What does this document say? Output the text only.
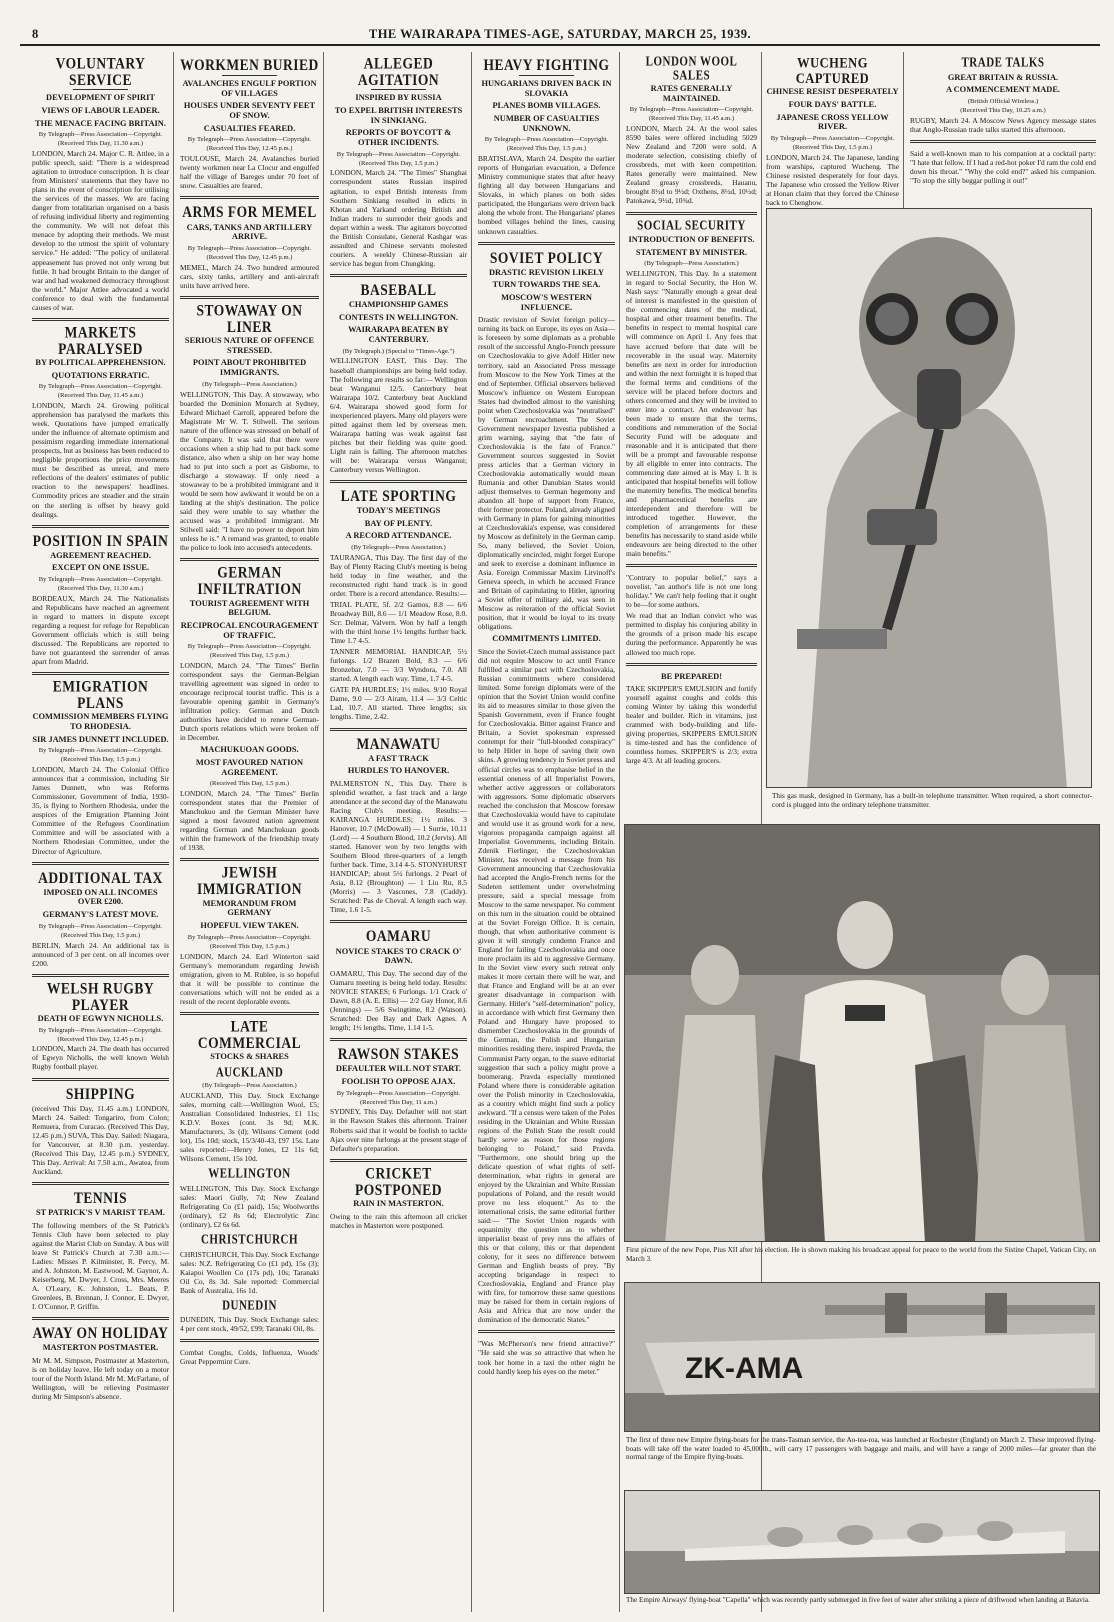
8	THE WAIRARAPA TIMES-AGE, SATURDAY, MARCH 25, 1939.
VOLUNTARY SERVICE
DEVELOPMENT OF SPIRIT
VIEWS OF LABOUR LEADER.
THE MENACE FACING BRITAIN.
By Telegraph—Press Association—Copyright.
(Received This Day, 11.30 a.m.)

LONDON, March 24. Major C. R. Attlee, in a public speech, said: "There is a widespread agitation to introduce conscription. It is clear from Ministers' statements that they have no plans in the event of conscription for utilising the services of the masses. We are facing danger from totalitarian organised on a basis of refusing individual liberty and regimenting the community. We will not defeat this menace by adopting their methods. We must develop to the utmost the spirit of voluntary service." He added: "The policy of unilateral appeasement has proved not only wrong but futile. It had brought Britain to the danger of war and had weakened democracy throughout the world." Major Attlee advocated a world conference to deal with the fundamental causes of war.

MARKETS PARALYSED
BY POLITICAL APPREHENSION.
QUOTATIONS ERRATIC.
By Telegraph—Press Association—Copyright.
(Received This Day, 11.45 a.m.)

LONDON, March 24. Growing political apprehension has paralysed the markets this week. Quotations have jumped erratically under the influence of alternate optimism and pessimism regarding immediate international prospects, but as business has been reduced to negligible proportions the price movements must be described as unreal, and mere reflections of the dealers' estimates of public reaction to the newspapers' headlines. Commodity prices are steadier and the strain on the sterling is offset by heavy gold dealings.

POSITION IN SPAIN
AGREEMENT REACHED.
EXCEPT ON ONE ISSUE.
By Telegraph—Press Association—Copyright.
(Received This Day, 11.30 a.m.)

BORDEAUX, March 24. The Nationalists and Republicans have reached an agreement in regard to matters in dispute except regarding a request for refuge for Republican Government officials which is still being discussed. The Republicans are reported to have not guaranteed the surrender of areas apart from Madrid.

EMIGRATION PLANS
COMMISSION MEMBERS FLYING TO RHODESIA.
SIR JAMES DUNNETT INCLUDED.
By Telegraph—Press Association—Copyright.
(Received This Day, 1.5 p.m.)

LONDON, March 24. The Colonial Office announces that a commission, including Sir James Dunnett, who was Reforms Commissioner, Government of India, 1930-35, is flying to Northern Rhodesia, under the auspices of the Emigration Planning Joint Committee of the Refugees Coordination Committee and will be associated with a Northern Rhodesian Committee, under the Director of Agriculture.

ADDITIONAL TAX
IMPOSED ON ALL INCOMES OVER £200.
GERMANY'S LATEST MOVE.
By Telegraph—Press Association—Copyright.
(Received This Day, 1.5 p.m.)

BERLIN, March 24. An additional tax is announced of 3 per cent. on all incomes over £200.

WELSH RUGBY PLAYER
DEATH OF EGWYN NICHOLLS.
By Telegraph—Press Association—Copyright.
(Received This Day, 12.45 p.m.)

LONDON, March 24. The death has occurred of Egwyn Nicholls, the well known Welsh Rugby football player.

SHIPPING

(received This Day, 11.45 a.m.) LONDON, March 24. Sailed: Tongariro, from Colon; Remuera, from Curacao. (Received This Day, 12.45 p.m.) SUVA, This Day. Sailed: Niagara, for Vancouver, at 8.30 p.m. yesterday. (Received This Day, 12.45 p.m.) SYDNEY, This Day. Arrival: At 7.50 a.m., Awatea, from Auckland.

TENNIS
ST PATRICK'S V MARIST TEAM.

The following members of the St Patrick's Tennis Club have been selected to play against the Marist Club on Sunday. A bus will leave St Patrick's Church at 7.30 a.m.:—Ladies: Misses P. Kilminster, R. Percy, M. and A. Johnston, M. Eastwood, M. Gaynor, A. Keiserberg, M. Dwyer, J. Cross, Mrs. Meeres A. O'Leary, K. Johnston, L. Beats, P. Greenlees, B. Brennan, J. Connor, E. Dwyer, I. O'Connor, P. Griffin.

AWAY ON HOLIDAY
MASTERTON POSTMASTER.

Mr M. M. Simpson, Postmaster at Masterton, is on holiday leave. He left today on a motor tour of the North Island. Mr M. McFarlane, of Wellington, will be relieving Postmaster during Mr Simpson's absence.

WORKMEN BURIED
AVALANCHES ENGULF PORTION OF VILLAGES
HOUSES UNDER SEVENTY FEET OF SNOW.
CASUALTIES FEARED.
By Telegraph—Press Association—Copyright.
(Received This Day, 12.45 p.m.)

TOULOUSE, March 24. Avalanches buried twenty workmen near La Clocur and engulfed half the village of Bareges under 70 feet of snow. Casualties are feared.

ARMS FOR MEMEL
CARS, TANKS AND ARTILLERY ARRIVE.
By Telegraph—Press Association—Copyright.
(Received This Day, 12.45 p.m.)

MEMEL, March 24. Two hundred armoured cars, sixty tanks, artillery and anti-aircraft units have arrived here.

STOWAWAY ON LINER
SERIOUS NATURE OF OFFENCE STRESSED.
POINT ABOUT PROHIBITED IMMIGRANTS.
(By Telegraph—Press Association.)

WELLINGTON, This Day. A stowaway, who boarded the Dominion Monarch at Sydney, Edward Michael Carroll, appeared before the Magistrate Mr W. T. Stilwell. The serious nature of the offence was stressed on behalf of the Company. It was said that there were occasions when a ship had to put back some distance, also when a ship on her way home had to put into such a port as Gisborne, to discharge a stowaway. If only need a stowaway to be a prohibited immigrant and it would be seen how awkward it would be on a landing at the ship's destination. The police said they were unable to say whether the accused was a prohibited immigrant. Mr Stilwell said: "I have no power to deport him unless he is." A remand was granted, to enable the police to look into accused's antecedents.

GERMAN INFILTRATION
TOURIST AGREEMENT WITH BELGIUM.
RECIPROCAL ENCOURAGEMENT OF TRAFFIC.
By Telegraph—Press Association—Copyright.
(Received This Day, 1.5 p.m.)

LONDON, March 24. "The Times" Berlin correspondent says the German-Belgian travelling agreement was signed in order to encourage reciprocal tourist traffic. This is a favourable opening gambit in Germany's infiltration policy. German and Dutch authorities have decided to renew German-Dutch sports relations which were broken off in December.

MACHUKUOAN GOODS.
MOST FAVOURED NATION AGREEMENT.
(Received This Day, 1.5 p.m.)

LONDON, March 24. "The Times" Berlin correspondent states that the Premier of Manchukuo and the German Minister have signed a most favoured nation agreement regarding German and Manchukuan goods within the framework of the friendship treaty of 1938.

JEWISH IMMIGRATION
MEMORANDUM FROM GERMANY
HOPEFUL VIEW TAKEN.
By Telegraph—Press Association—Copyright.
(Received This Day, 1.5 p.m.)

LONDON, March 24. Earl Winterton said Germany's memorandum regarding Jewish emigration, given to M. Rublee, is so hopeful that it will be possible to continue the conversations which will not be ended as a result of the recent deplorable events.

LATE COMMERCIAL
STOCKS & SHARES
AUCKLAND
(By Telegraph—Press Association.)

AUCKLAND, This Day. Stock Exchange sales, morning call:—Wellington Wool, £5; Australian Consolidated Industries, £1 11s; K.D.V. Boxes (cont. 3s 9d; M.K. Manufacturers, 3s (d); Wilsons Cement (odd lot), 15s 10d; stock, 15/3/40-43, £97 15s. Late sales reported:—Henry Jones, £2 11s 6d; Wilsons Cement, 15s 10d.

WELLINGTON

WELLINGTON, This Day. Stock Exchange sales: Maori Gully, 7d; New Zealand Refrigerating Co (£1 paid), 15s; Woolworths (ordinary), £2 8s 6d; Electrolytic Zinc (ordinary), £2 6s 6d.

CHRISTCHURCH

CHRISTCHURCH, This Day. Stock Exchange sales: N.Z. Refrigerating Co (£1 pd), 15s (3); Kaiapoi Woollen Co (17s pd), 10s; Taranaki Oil Co, 8s 3d. Sale reported: Commercial Bank of Australia, 16s 1d.

DUNEDIN

DUNEDIN, This Day. Stock Exchange sales: 4 per cent stock, 49/52, £99; Taranaki Oil, 8s.

Combat Coughs, Colds, Influenza, Woods' Great Peppermint Cure.

ALLEGED AGITATION
INSPIRED BY RUSSIA
TO EXPEL BRITISH INTERESTS IN SINKIANG.
REPORTS OF BOYCOTT & OTHER INCIDENTS.
By Telegraph—Press Association—Copyright.
(Received This Day, 1.5 p.m.)

LONDON, March 24. "The Times" Shanghai correspondent states Russian inspired agitation, to expel British interests from Southern Sinkiang resulted in edicts in Khotan and Yarkand ordering British and Indian traders to surrender their goods and depart within a week. The agitators boycotted the British Consulate, General Kashgar was assaulted and Chinese servants molested couriers. A weekly Chinese-Russian air service has begun from Chungking.

BASEBALL
CHAMPIONSHIP GAMES
CONTESTS IN WELLINGTON.
WAIRARAPA BEATEN BY CANTERBURY.
(By Telegraph.) (Special to "Times-Age.")

WELLINGTON EAST, This Day. The baseball championships are being held today. The following are results so far:— Wellington beat Wanganui 12/5. Canterbury beat Wairarapa 10/2. Canterbury beat Auckland 6/4. Wairarapa showed good form for inexperienced players. Many old players were pitted against them led by overseas men. Wairarapa batting was weak against fast pitches but their fielding was quite good. Light rain is falling. The afternoon matches will be: Wairarapa versus Wanganui; Canterbury versus Wellington.

LATE SPORTING
TODAY'S MEETINGS
BAY OF PLENTY.
A RECORD ATTENDANCE.
(By Telegraph—Press Association.)

TAURANGA, This Day. The first day of the Bay of Plenty Racing Club's meeting is being held today in fine weather, and the reconstructed right hand track is in good order. There is a record attendance. Results:—

TRIAL PLATE, 5f. 2/2 Gamos, 8.8 — 6/6 Broadway Bill, 8.6 — 1/1 Meadow Rose, 8.0. Scr: Delmar, Valvern. Won by half a length with the third horse 1½ lengths further back. Time 1.7 4-5.

TANNER MEMORIAL HANDICAP, 5½ furlongs. 1/2 Brazen Bold, 8.3 — 6/6 Bronzebar, 7.0 — 3/3 Wyndora, 7.0. All started. A length each way. Time, 1.7 4-5.

GATE PA HURDLES; 1½ miles. 9/10 Royal Dame, 9.0 — 2/3 Airam, 11.4 — 3/3 Celtic Lad, 10.7. All started. Three lengths; six lengths. Time, 2.42.

MANAWATU
A FAST TRACK
HURDLES TO HANOVER.

PALMERSTON N., This Day. There is splendid weather, a fast track and a large attendance at the second day of the Manawatu Racing Club's meeting. Results:— KAIRANGA HURDLES; 1½ miles. 3 Hanover, 10.7 (McDowall) — 1 Surrie, 10.11 (Lord) — 4 Southern Blood, 10.2 (Jervis). All started. Hanover won by two lengths with Southern Blood three-quarters of a length further back. Time, 3.14 4-5. STONYHURST HANDICAP; about 5½ furlongs. 2 Pearl of Asia, 8.12 (Broughton) — 1 Liu Ru, 8.5 (Morris) — 3 Vascones, 7.8 (Caddy). Scratched: Pas de Cheval. A length each way. Time, 1.6 1-5.

OAMARU
NOVICE STAKES TO CRACK O' DAWN.

OAMARU, This Day. The second day of the Oamaru meeting is being held today. Results: NOVICE STAKES; 6 Furlongs. 1/1 Crack o' Dawn, 8.8 (A. E. Ellis) — 2/2 Gay Honor, 8.6 (Jennings) — 5/6 Swingtime, 8.2 (Watson). Scratched: Dee Bay and Dark Agnes. A length; 1½ lengths. Time, 1.14 1-5.

RAWSON STAKES
DEFAULTER WILL NOT START.
FOOLISH TO OPPOSE AJAX.
By Telegraph—Press Association—Copyright.
(Received This Day, 11 a.m.)

SYDNEY, This Day. Defaulter will not start in the Rawson Stakes this afternoon. Trainer Roberts said that it would be foolish to tackle Ajax over nine furlongs at the present stage of Defaulter's preparation.

CRICKET POSTPONED
RAIN IN MASTERTON.

Owing to the rain this afternoon all cricket matches in Masterton were postponed.

HEAVY FIGHTING
HUNGARIANS DRIVEN BACK IN SLOVAKIA
PLANES BOMB VILLAGES.
NUMBER OF CASUALTIES UNKNOWN.
By Telegraph—Press Association—Copyright.
(Received This Day, 1.5 p.m.)

BRATISLAVA, March 24. Despite the earlier reports of Hungarian evacuation, a Defence Ministry communique states that after heavy fighting all day between Hungarians and Slovaks, in which planes on both sides participated, the Hungarians were driven back along the whole front. The Hungarians' planes bombed villages behind the lines, causing unknown casualties.

SOVIET POLICY
DRASTIC REVISION LIKELY
TURN TOWARDS THE SEA.
MOSCOW'S WESTERN INFLUENCE.

Drastic revision of Soviet foreign policy—turning its back on Europe, its eyes on Asia—is foreseen by some diplomats as a probable result of the successful Anglo-French pressure on Czechoslovakia to give Adolf Hitler new territory, said an Associated Press message from Moscow to the New York Times at the end of September. Official observers believed Moscow's influence on Western European States had dwindled almost to the vanishing point when Czechoslovakia was "neutralised" by German encroachment. The Soviet Government newspaper Izvestia published a grim warning, saying that "the fate of Czechoslovakia is the fate of France." Government sources suggested in Soviet press articles that a German victory in Czechoslovakia automatically would mean Rumania and other Danubian States would adjust themselves to German hegemony and abandon all hope of support from France, their former protector. Poland, already aligned with Germany in plans for gaining minorities at Czechoslovakia's expense, was considered by Moscow as definitely in the German camp. So, many believed, the Soviet Union, diplomatically encircled, might forget Europe and seek to exercise a dominant influence in Asia. Foreign Commissar Maxim Litvinoff's Geneva speech, in which he accused France and Britain of capitulating to Hitler, ignoring a Soviet offer of military aid, was seen in Moscow as reiteration of the official Soviet position, that it would be loyal to its treaty obligations.

COMMITMENTS LIMITED.

Since the Soviet-Czech mutual assistance pact did not require Moscow to act until France fulfilled a similar pact with Czechoslovakia, Russian commitments where considered limited. Some foreign diplomats were of the opinion that the Soviet Union would confine its aid to measures similar to those given the Spanish Government, even if France fought for Czechoslovakia. Bitter against France and Britain, a Soviet spokesman expressed contempt for their "full-blooded conspiracy" to help Hitler in hope of saving their own skins. A growing tendency in Soviet press and official circles was to emphasise belief in the essential oneness of all Imperialist Powers, whether active aggressors or collaborators with aggressors. Some diplomatic observers reached the conclusion that Moscow foresaw that Czechoslovakia would have to capitulate and would use it as ground work for a new, vigorous propaganda campaign against all Imperialist Governments, including Britain. Zdenik Fierlinger, the Czechoslovakian Minister, has received a message from his Government announcing that Czechoslovakia had accepted the Anglo-French terms for the Sudeten settlement under overwhelming pressure, said a special message from Moscow to the same newspaper. No comment on this turn in the situation could be obtained at the Soviet Foreign Office. It is certain, though, that when authoritative comment is given it will strongly condemn France and England for failing Czechoslovakia and once more proclaim its aid to aggressive Germany. In the Soviet view every such retreat only makes it more certain there will be war, and that France and England will be at an ever greater disadvantage in comparison with Germany. Hitler's "self-determination" policy, in accordance with which first Germany then Poland and Hungary have proposed to dismember Czechoslovakia in the grounds of the German, the Polish and Hungarian minorities residing there, inspired Pravda, the Communist Party organ, to the suave editorial suggestion that such a policy might prove a boomerang. Pravda especially mentioned Poland where there is considerable agitation over the Polish minority in Czechoslovakia, as a country which might find such a policy awkward. "If a census were taken of the Poles residing in the Ukrainian and White Russian regions of the Polish State the result could hardly serve as reason for those regions belonging to Poland," said Pravda. "Furthermore, one should bring up the delicate question of what rights of self-determination, what rights in general are enjoyed by the Ukrainian and White Russian populations of Poland, and the result would prove no less eloquent." As to the international crisis, the same editorial further said:— "The Soviet Union regards with equanimity the question as to whether imperialist beast of prey runs the affairs of this or that colony, this or that dependent colony, for it sees no difference between German and English beasts of prey. "By accepting brigandage in respect to Czechoslovakia, England and France play with fire, for tomorrow these same questions may be raised for them in certain regions of Asia and Africa that are now under the domination of the democratic States."

"Was McPherson's new friend attractive?" "He said she was so attractive that when he took her home in a taxi the other night he could hardly keep his eyes on the meter."

LONDON WOOL SALES
RATES GENERALLY MAINTAINED.
By Telegraph—Press Association—Copyright.
(Received This Day, 11.45 a.m.)

LONDON, March 24. At the wool sales 8590 bales were offered including 5029 New Zealand and 7200 were sold. A moderate selection, consisting chiefly of crossbreds, met with keen competition. Rates generally were maintained. New Zealand greasy crossbreds, Hauanu, brought 8½d to 9½d; Oxthens, 8½d, 10½d; Patokawa, 9½d, 10¾d.

SOCIAL SECURITY
INTRODUCTION OF BENEFITS.
STATEMENT BY MINISTER.
(By Telegraph—Press Association.)

WELLINGTON, This Day. In a statement in regard to Social Security, the Hon W. Nash says: "Naturally enough a great deal of interest is manifested in the question of the commencing dates of the medical, hospital and other treatment benefits. The benefits in respect to mental hospital care will commence on April 1. Any fees that have accrued before that date will be recoverable in the usual way. Maternity benefits are next in order for introduction and within the next fortnight it is hoped that the formal terms and conditions of the service will be placed before doctors and others concerned and they will be invited to enter into a contract. An endeavour has been made to ensure that the terms, conditions and remuneration of the Social Security Fund will be adequate and reasonable and it is anticipated that there will be a prompt and favourable response by all eligible to enter into contracts. The commencing date aimed at is May 1. It is anticipated that hospital benefits will follow the maternity benefits. The medical benefits and pharmaceutical benefits are interdependent and therefore will be introduced together. However, the completion of arrangements for these benefits has necessarily to stand aside while endeavours are being directed to the other main benefits."

"Contrary to popular belief," says a novelist, "an author's life is not one long holiday." We can't help feeling that it ought to be—for some authors.

We read that an Indian convict who was permitted to display his conjuring ability in the grounds of a prison made his escape during the performance. Apparently he was allowed too much rope.

BE PREPARED!

TAKE SKIPPER'S EMULSION and fortify yourself against coughs and colds this coming Winter by taking this wonderful healer and builder. Rich in vitamins, just crammed with body-building and life-giving properties, SKIPPERS EMULSION is time-tested and has the confidence of countless homes. SKIPPER'S is 2/3; extra large 4/3. At all leading grocers.

WUCHENG CAPTURED
CHINESE RESIST DESPERATELY
FOUR DAYS' BATTLE.
JAPANESE CROSS YELLOW RIVER.
By Telegraph—Press Association—Copyright.
(Received This Day, 1.5 p.m.)

LONDON, March 24. The Japanese, landing from warships, captured Wucheng. The Chinese resisted desperately for four days. The Japanese who crossed the Yellow River at Honan claim that they forced the Chinese back to Chenghow.

TRADE TALKS
GREAT BRITAIN & RUSSIA.
A COMMENCEMENT MADE.
(British Official Wireless.)
(Received This Day, 10.25 a.m.)

RUGBY, March 24. A Moscow News Agency message states that Anglo-Russian trade talks started this afternoon.

Said a well-known man to his companion at a cocktail party: "I hate that fellow. If I had a red-hot poker I'd ram the cold end down his throat." "Why the cold end?" asked his companion. "To stop the silly beggar pulling it out!"

This gas mask, designed in Germany, has a built-in telephone transmitter. When required, a short connector-cord is plugged into the ordinary telephone transmitter.
First picture of the new Pope, Pius XII after his election. He is shown making his broadcast appeal for peace to the world from the Sistine Chapel, Vatican City, on March 3.
ZK-AMA
The first of three new Empire flying-boats for the trans-Tasman service, the Ao-tea-roa, was launched at Rochester (England) on March 2. These improved flying-boats will take off the water loaded to 45,000lb., will carry 17 passengers with baggage and mails, and will have a range of 2000 miles—far greater than the normal range of the Empire flying-boats.
The Empire Airways' flying-boat "Capella" which was recently partly submerged in five feet of water after striking a piece of driftwood when landing at Batavia.
